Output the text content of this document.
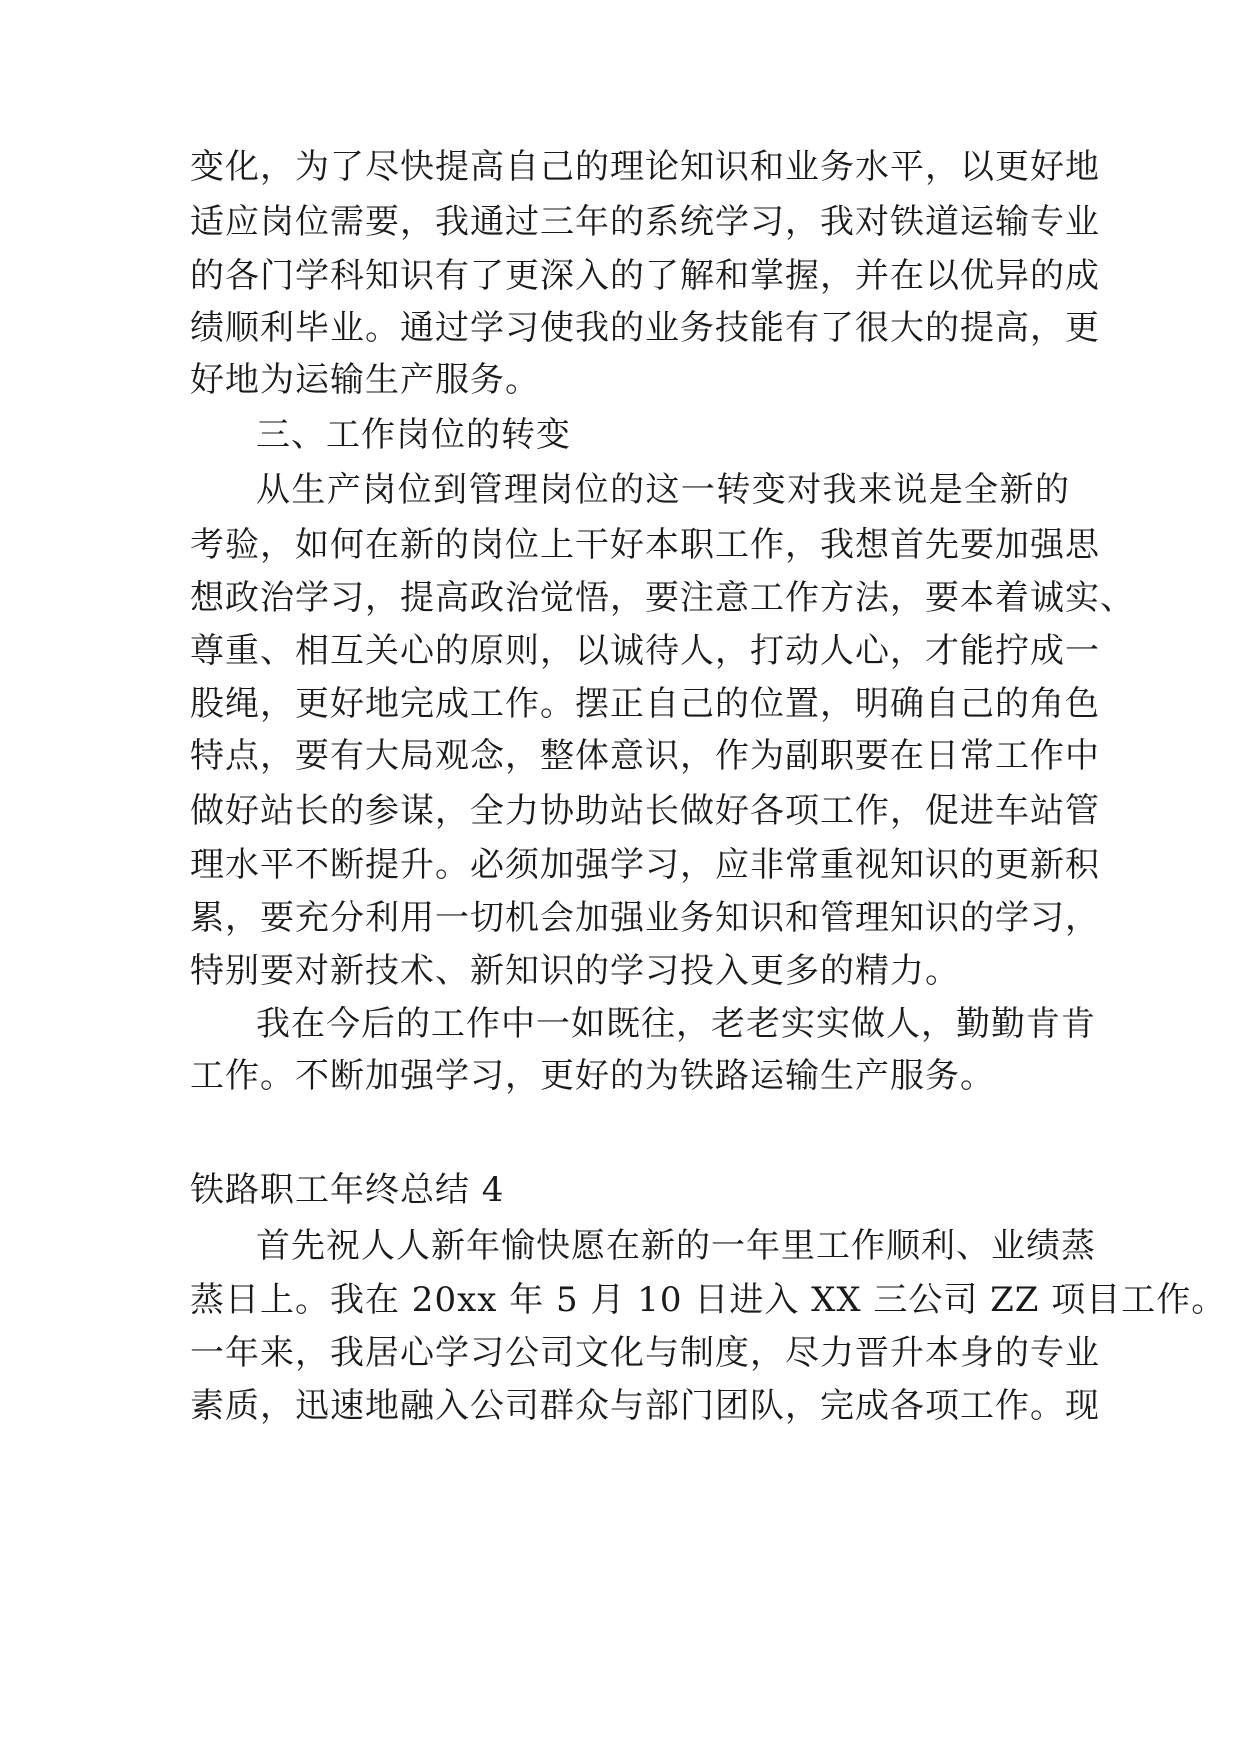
变化，为了尽快提高自己的理论知识和业务水平，以更好地
适应岗位需要，我通过三年的系统学习，我对铁道运输专业
的各门学科知识有了更深入的了解和掌握，并在以优异的成
绩顺利毕业。通过学习使我的业务技能有了很大的提高，更
好地为运输生产服务。
三、工作岗位的转变
从生产岗位到管理岗位的这一转变对我来说是全新的
考验，如何在新的岗位上干好本职工作，我想首先要加强思
想政治学习，提高政治觉悟，要注意工作方法，要本着诚实、
尊重、相互关心的原则，以诚待人，打动人心，才能拧成一
股绳，更好地完成工作。摆正自己的位置，明确自己的角色
特点，要有大局观念，整体意识，作为副职要在日常工作中
做好站长的参谋，全力协助站长做好各项工作，促进车站管
理水平不断提升。必须加强学习，应非常重视知识的更新积
累，要充分利用一切机会加强业务知识和管理知识的学习，
特别要对新技术、新知识的学习投入更多的精力。
我在今后的工作中一如既往，老老实实做人，勤勤肯肯
工作。不断加强学习，更好的为铁路运输生产服务。
铁路职工年终总结 4
首先祝人人新年愉快愿在新的一年里工作顺利、业绩蒸
蒸日上。我在 20xx 年 5 月 10 日进入 XX 三公司 ZZ 项目工作。
一年来，我居心学习公司文化与制度，尽力晋升本身的专业
素质，迅速地融入公司群众与部门团队，完成各项工作。现
